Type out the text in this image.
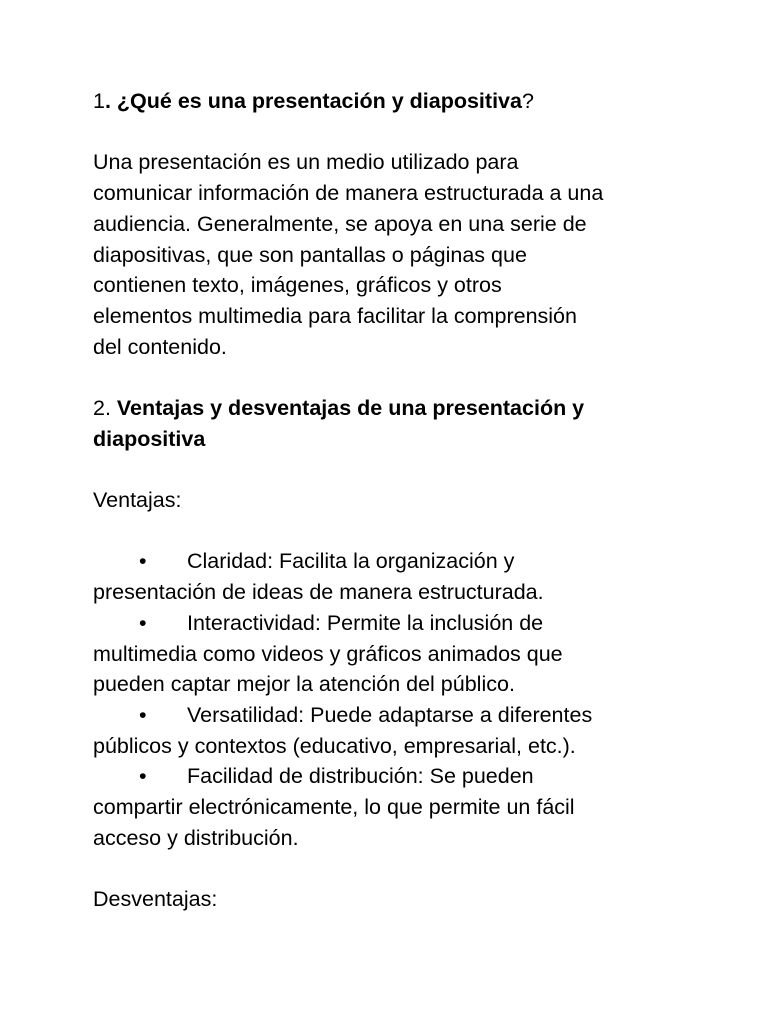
1. ¿Qué es una presentación y diapositiva?

Una presentación es un medio utilizado para
comunicar información de manera estructurada a una
audiencia. Generalmente, se apoya en una serie de
diapositivas, que son pantallas o páginas que
contienen texto, imágenes, gráficos y otros
elementos multimedia para facilitar la comprensión
del contenido.

2. Ventajas y desventajas de una presentación y
diapositiva

Ventajas:

• Claridad: Facilita la organización y
presentación de ideas de manera estructurada.
• Interactividad: Permite la inclusión de
multimedia como videos y gráficos animados que
pueden captar mejor la atención del público.
• Versatilidad: Puede adaptarse a diferentes
públicos y contextos (educativo, empresarial, etc.).
• Facilidad de distribución: Se pueden
compartir electrónicamente, lo que permite un fácil
acceso y distribución.

Desventajas:
